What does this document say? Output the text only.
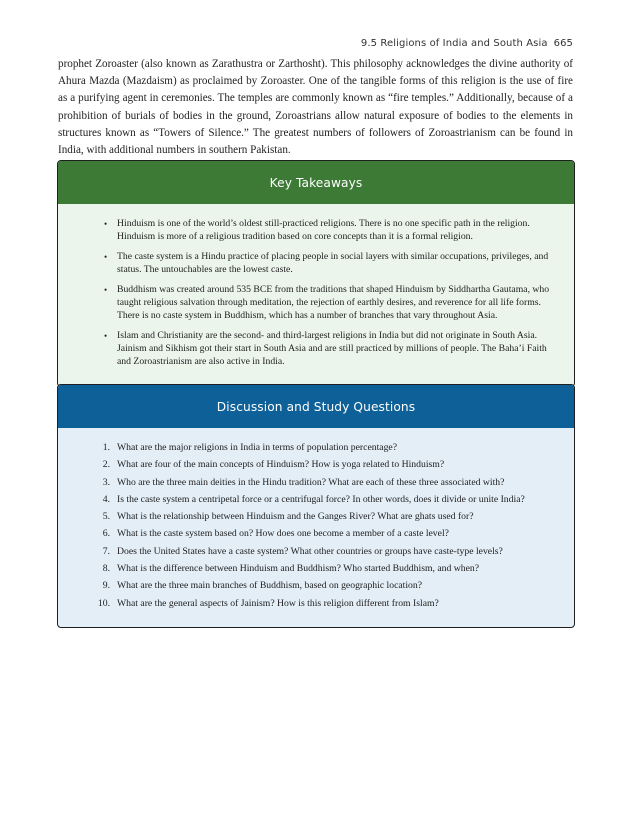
9.5 Religions of India and South Asia 665

prophet Zoroaster (also known as Zarathustra or Zarthosht). This philosophy acknowledges the divine authority of Ahura Mazda (Mazdaism) as proclaimed by Zoroaster. One of the tangible forms of this religion is the use of fire as a purifying agent in ceremonies. The temples are commonly known as “fire temples.” Additionally, because of a prohibition of burials of bodies in the ground, Zoroastrians allow natural exposure of bodies to the elements in structures known as “Towers of Silence.” The greatest numbers of followers of Zoroastrianism can be found in India, with additional numbers in southern Pakistan.

Key Takeaways
• Hinduism is one of the world’s oldest still-practiced religions. There is no one specific path in the religion. Hinduism is more of a religious tradition based on core concepts than it is a formal religion.
• The caste system is a Hindu practice of placing people in social layers with similar occupations, privileges, and status. The untouchables are the lowest caste.
• Buddhism was created around 535 BCE from the traditions that shaped Hinduism by Siddhartha Gautama, who taught religious salvation through meditation, the rejection of earthly desires, and reverence for all life forms. There is no caste system in Buddhism, which has a number of branches that vary throughout Asia.
• Islam and Christianity are the second- and third-largest religions in India but did not originate in South Asia. Jainism and Sikhism got their start in South Asia and are still practiced by millions of people. The Baha’i Faith and Zoroastrianism are also active in India.
Discussion and Study Questions
1. What are the major religions in India in terms of population percentage?
2. What are four of the main concepts of Hinduism? How is yoga related to Hinduism?
3. Who are the three main deities in the Hindu tradition? What are each of these three associated with?
4. Is the caste system a centripetal force or a centrifugal force? In other words, does it divide or unite India?
5. What is the relationship between Hinduism and the Ganges River? What are ghats used for?
6. What is the caste system based on? How does one become a member of a caste level?
7. Does the United States have a caste system? What other countries or groups have caste-type levels?
8. What is the difference between Hinduism and Buddhism? Who started Buddhism, and when?
9. What are the three main branches of Buddhism, based on geographic location?
10. What are the general aspects of Jainism? How is this religion different from Islam?
